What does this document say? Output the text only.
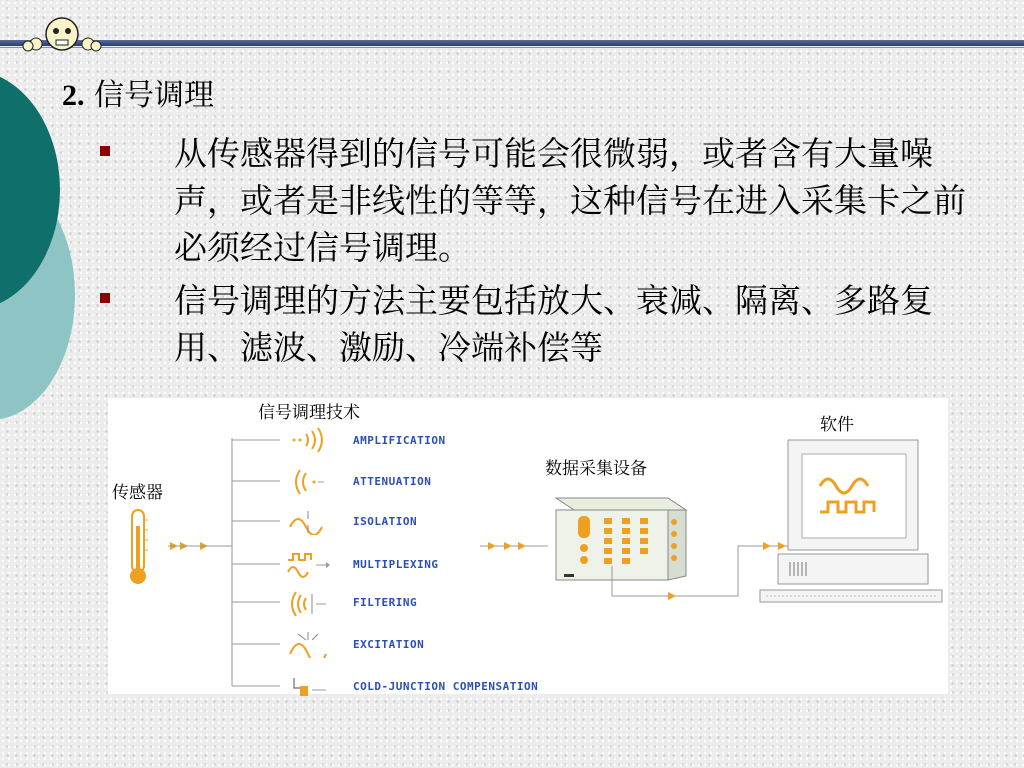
2. 信号调理
从传感器得到的信号可能会很微弱，或者含有大量噪声，或者是非线性的等等，这种信号在进入采集卡之前必须经过信号调理。
信号调理的方法主要包括放大、衰减、隔离、多路复用、滤波、激励、冷端补偿等
信号调理技术
传感器
数据采集设备
软件
AMPLIFICATION
ATTENUATION
ISOLATION
MULTIPLEXING
FILTERING
EXCITATION
COLD-JUNCTION COMPENSATION
